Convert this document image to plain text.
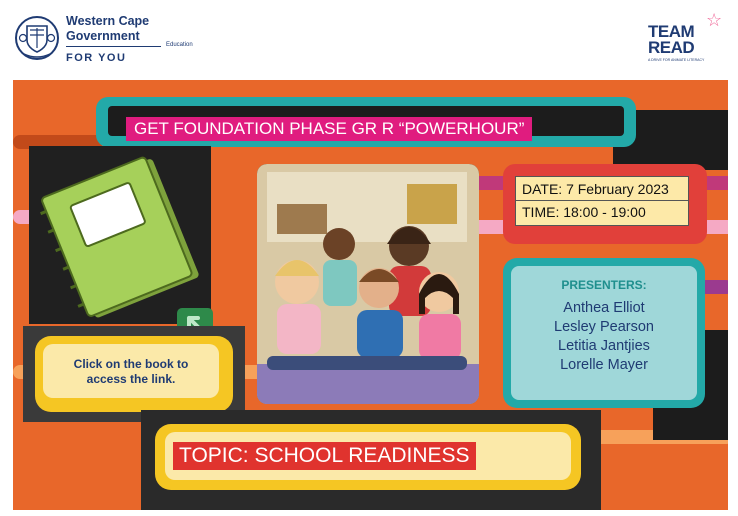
Western Cape
Government
Education
FOR YOU
☆
TEAM
READ
A DRIVE FOR ANIMATE LITERACY
GET FOUNDATION PHASE GR R “POWERHOUR”
DATE: 7 February 2023
TIME: 18:00 - 19:00
PRESENTERS:
Anthea Elliot
Lesley Pearson
Letitia Jantjies
Lorelle Mayer
Click on the book to
access the link.
TOPIC: SCHOOL READINESS
